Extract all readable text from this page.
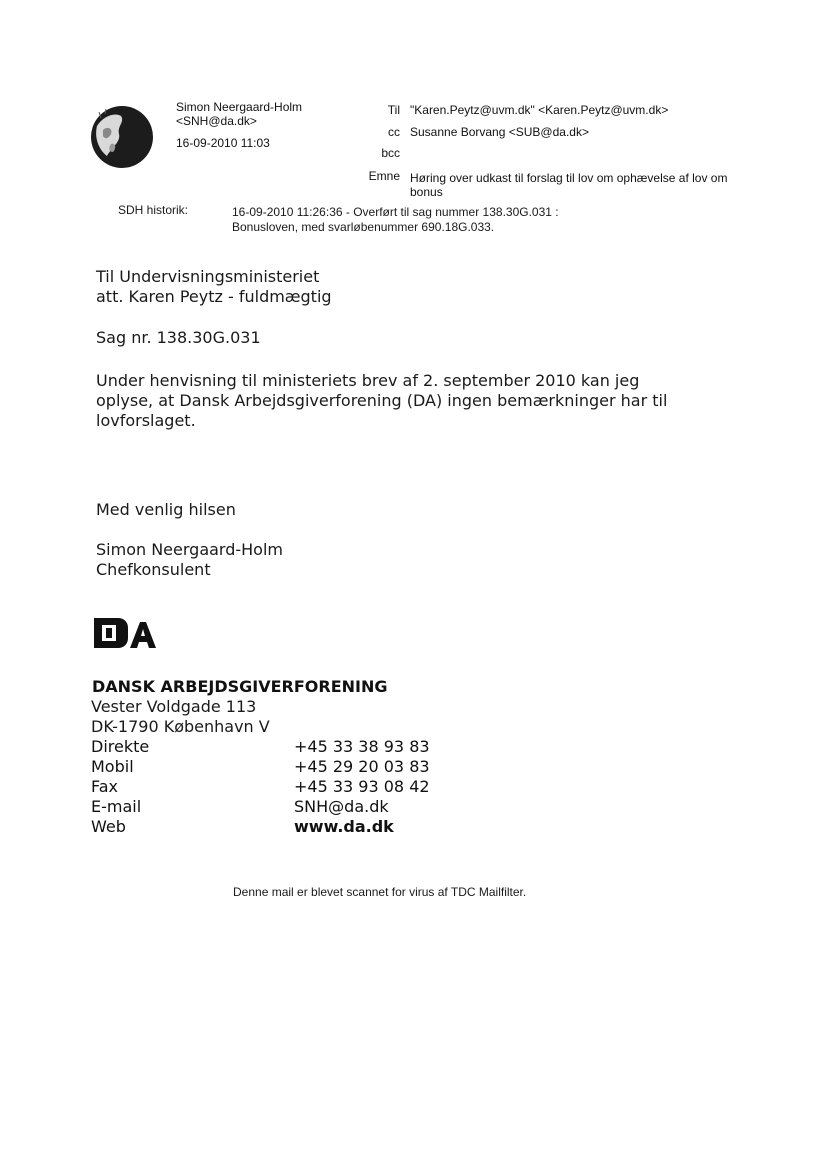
Simon Neergaard-Holm
<SNH@da.dk>
16-09-2010 11:03
Til "Karen.Peytz@uvm.dk" <Karen.Peytz@uvm.dk>
cc Susanne Borvang <SUB@da.dk>
bcc
Emne Høring over udkast til forslag til lov om ophævelse af lov om
bonus
SDH historik:	16-09-2010 11:26:36 - Overført til sag nummer 138.30G.031 :
Bonusloven, med svarløbenummer 690.18G.033.
Til Undervisningsministeriet
att. Karen Peytz - fuldmægtig
Sag nr. 138.30G.031
Under henvisning til ministeriets brev af 2. september 2010 kan jeg
oplyse, at Dansk Arbejdsgiverforening (DA) ingen bemærkninger har til
lovforslaget.
Med venlig hilsen
Simon Neergaard-Holm
Chefkonsulent
DANSK ARBEJDSGIVERFORENING
Vester Voldgade 113
DK-1790 København V
Direkte	+45 33 38 93 83
Mobil	+45 29 20 03 83
Fax	+45 33 93 08 42
E-mail	SNH@da.dk
Web	www.da.dk
Denne mail er blevet scannet for virus af TDC Mailfilter.
